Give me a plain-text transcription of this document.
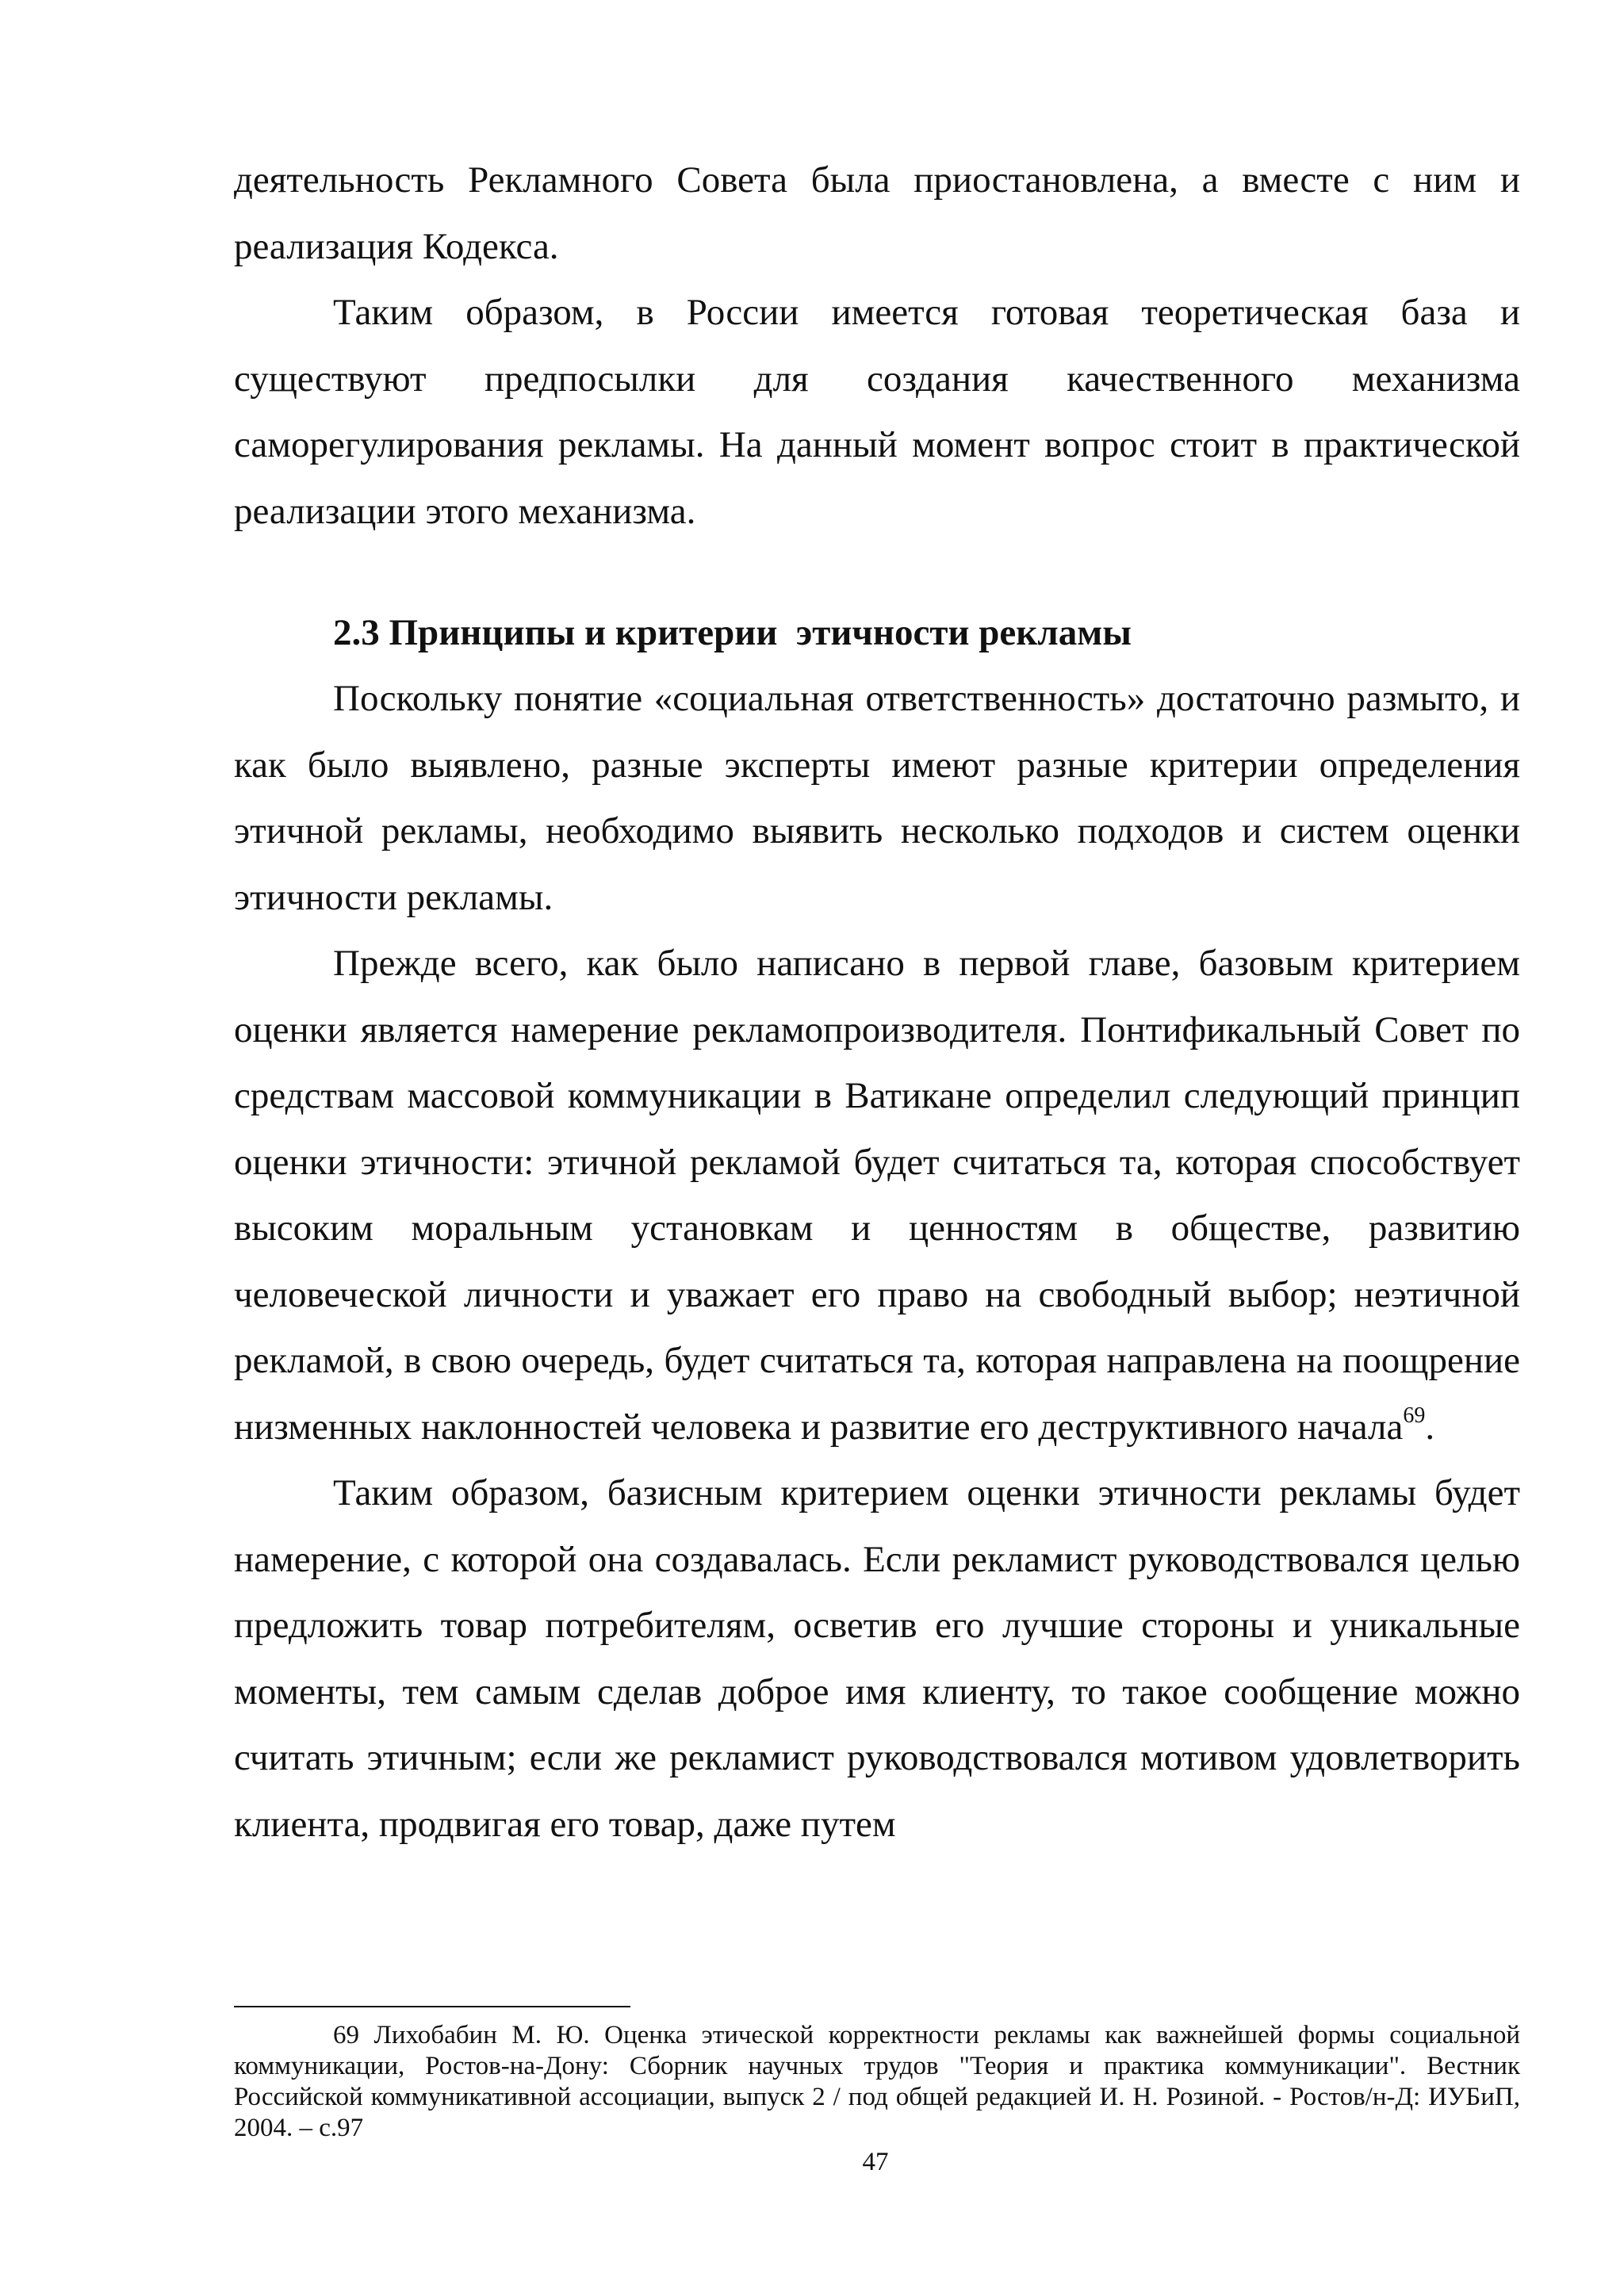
деятельность Рекламного Совета была приостановлена, а вместе с ним и реализация Кодекса.

Таким образом, в России имеется готовая теоретическая база и существуют предпосылки для создания качественного механизма саморегулирования рекламы. На данный момент вопрос стоит в практической реализации этого механизма.

2.3 Принципы и критерии  этичности рекламы

Поскольку понятие «социальная ответственность» достаточно размыто, и как было выявлено, разные эксперты имеют разные критерии определения этичной рекламы, необходимо выявить несколько подходов и систем оценки этичности рекламы.

Прежде всего, как было написано в первой главе, базовым критерием оценки является намерение рекламопроизводителя. Понтификальный Совет по средствам массовой коммуникации в Ватикане определил следующий принцип оценки этичности: этичной рекламой будет считаться та, которая способствует высоким моральным установкам и ценностям в обществе, развитию человеческой личности и уважает его право на свободный выбор; неэтичной рекламой, в свою очередь, будет считаться та, которая направлена на поощрение низменных наклонностей человека и развитие его деструктивного начала$^{69}$.

Таким образом, базисным критерием оценки этичности рекламы будет намерение, с которой она создавалась. Если рекламист руководствовался целью предложить товар потребителям, осветив его лучшие стороны и уникальные моменты, тем самым сделав доброе имя клиенту, то такое сообщение можно считать этичным; если же рекламист руководствовался мотивом удовлетворить клиента, продвигая его товар, даже путем

69 Лихобабин М. Ю. Оценка этической корректности рекламы как важнейшей формы социальной коммуникации, Ростов-на-Дону: Сборник научных трудов "Теория и практика коммуникации". Вестник Российской коммуникативной ассоциации, выпуск 2 / под общей редакцией И. Н. Розиной. - Ростов/н-Д: ИУБиП, 2004. – с.97

47
